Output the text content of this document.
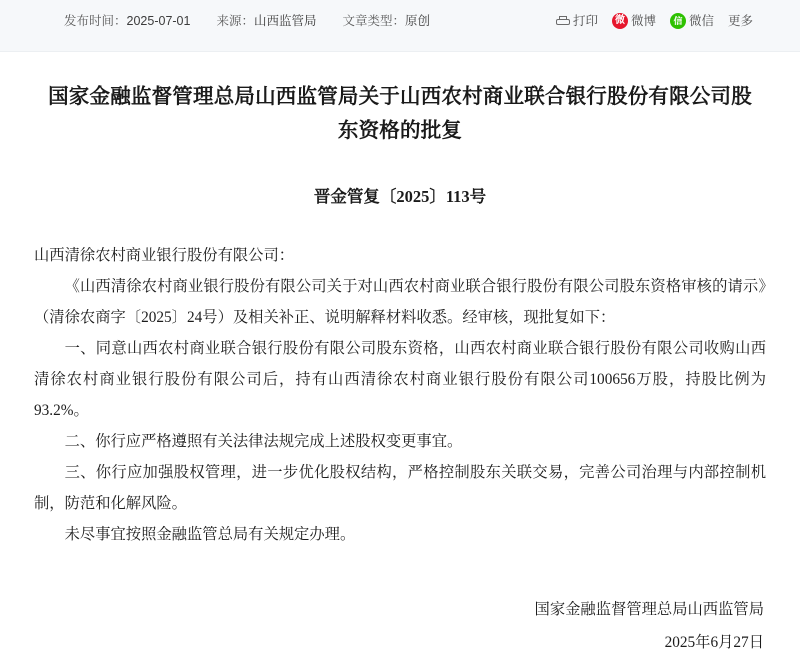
发布时间：2025-07-01 来源：山西监管局 文章类型：原创	打印	微 微博	信 微信 更多
国家金融监督管理总局山西监管局关于山西农村商业联合银行股份有限公司股东资格的批复
晋金管复〔2025〕113号

山西清徐农村商业银行股份有限公司：

《山西清徐农村商业银行股份有限公司关于对山西农村商业联合银行股份有限公司股东资格审核的请示》（清徐农商字〔2025〕24号）及相关补正、说明解释材料收悉。经审核，现批复如下：

一、同意山西农村商业联合银行股份有限公司股东资格，山西农村商业联合银行股份有限公司收购山西清徐农村商业银行股份有限公司后，持有山西清徐农村商业银行股份有限公司100656万股，持股比例为93.2%。

二、你行应严格遵照有关法律法规完成上述股权变更事宜。

三、你行应加强股权管理，进一步优化股权结构，严格控制股东关联交易，完善公司治理与内部控制机制，防范和化解风险。

未尽事宜按照金融监管总局有关规定办理。

国家金融监督管理总局山西监管局
2025年6月27日
